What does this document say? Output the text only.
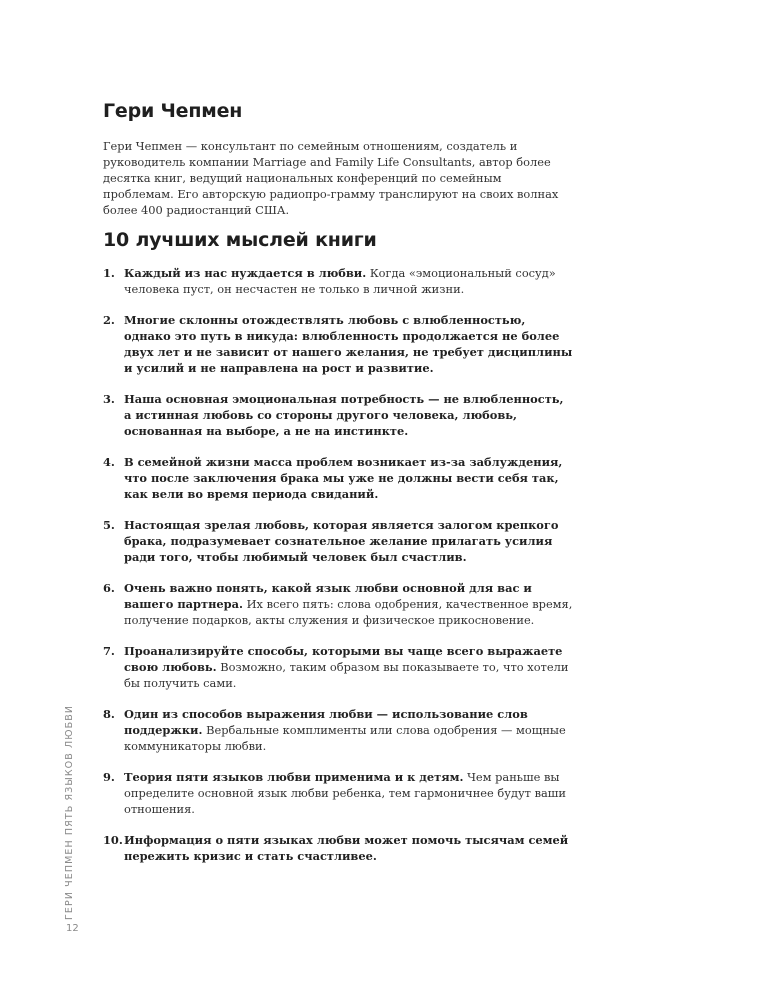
Гери Чепмен

Гери Чепмен — консультант по семейным отношениям, создатель и руководитель компании Marriage and Family Life Consultants, автор более десятка книг, ведущий национальных конференций по семейным проблемам. Его авторскую радиопро-грамму транслируют на своих волнах более 400 радиостанций США.

10 лучших мыслей книги
1. Каждый из нас нуждается в любви. Когда «эмоциональный сосуд» человека пуст, он несчастен не только в личной жизни.
2. Многие склонны отождествлять любовь с влюбленностью, однако это путь в никуда: влюбленность продолжается не более двух лет и не зависит от нашего желания, не требует дисциплины и усилий и не направлена на рост и развитие.
3. Наша основная эмоциональная потребность — не влюбленность, а истинная любовь со стороны другого человека, любовь, основанная на выборе, а не на инстинкте.
4. В семейной жизни масса проблем возникает из-за заблуждения, что после заключения брака мы уже не должны вести себя так, как вели во время периода свиданий.
5. Настоящая зрелая любовь, которая является залогом крепкого брака, подразумевает сознательное желание прилагать усилия ради того, чтобы любимый человек был счастлив.
6. Очень важно понять, какой язык любви основной для вас и вашего партнера. Их всего пять: слова одобрения, качественное время, получение подарков, акты служения и физическое прикосновение.
7. Проанализируйте способы, которыми вы чаще всего выражаете свою любовь. Возможно, таким образом вы показываете то, что хотели бы получить сами.
8. Один из способов выражения любви — использование слов поддержки. Вербальные комплименты или слова одобрения — мощные коммуникаторы любви.
9. Теория пяти языков любви применима и к детям. Чем раньше вы определите основной язык любви ребенка, тем гармоничнее будут ваши отношения.
10. Информация о пяти языках любви может помочь тысячам семей пережить кризис и стать счастливее.
ГЕРИ ЧЕПМЕН ПЯТЬ ЯЗЫКОВ ЛЮБВИ
12
